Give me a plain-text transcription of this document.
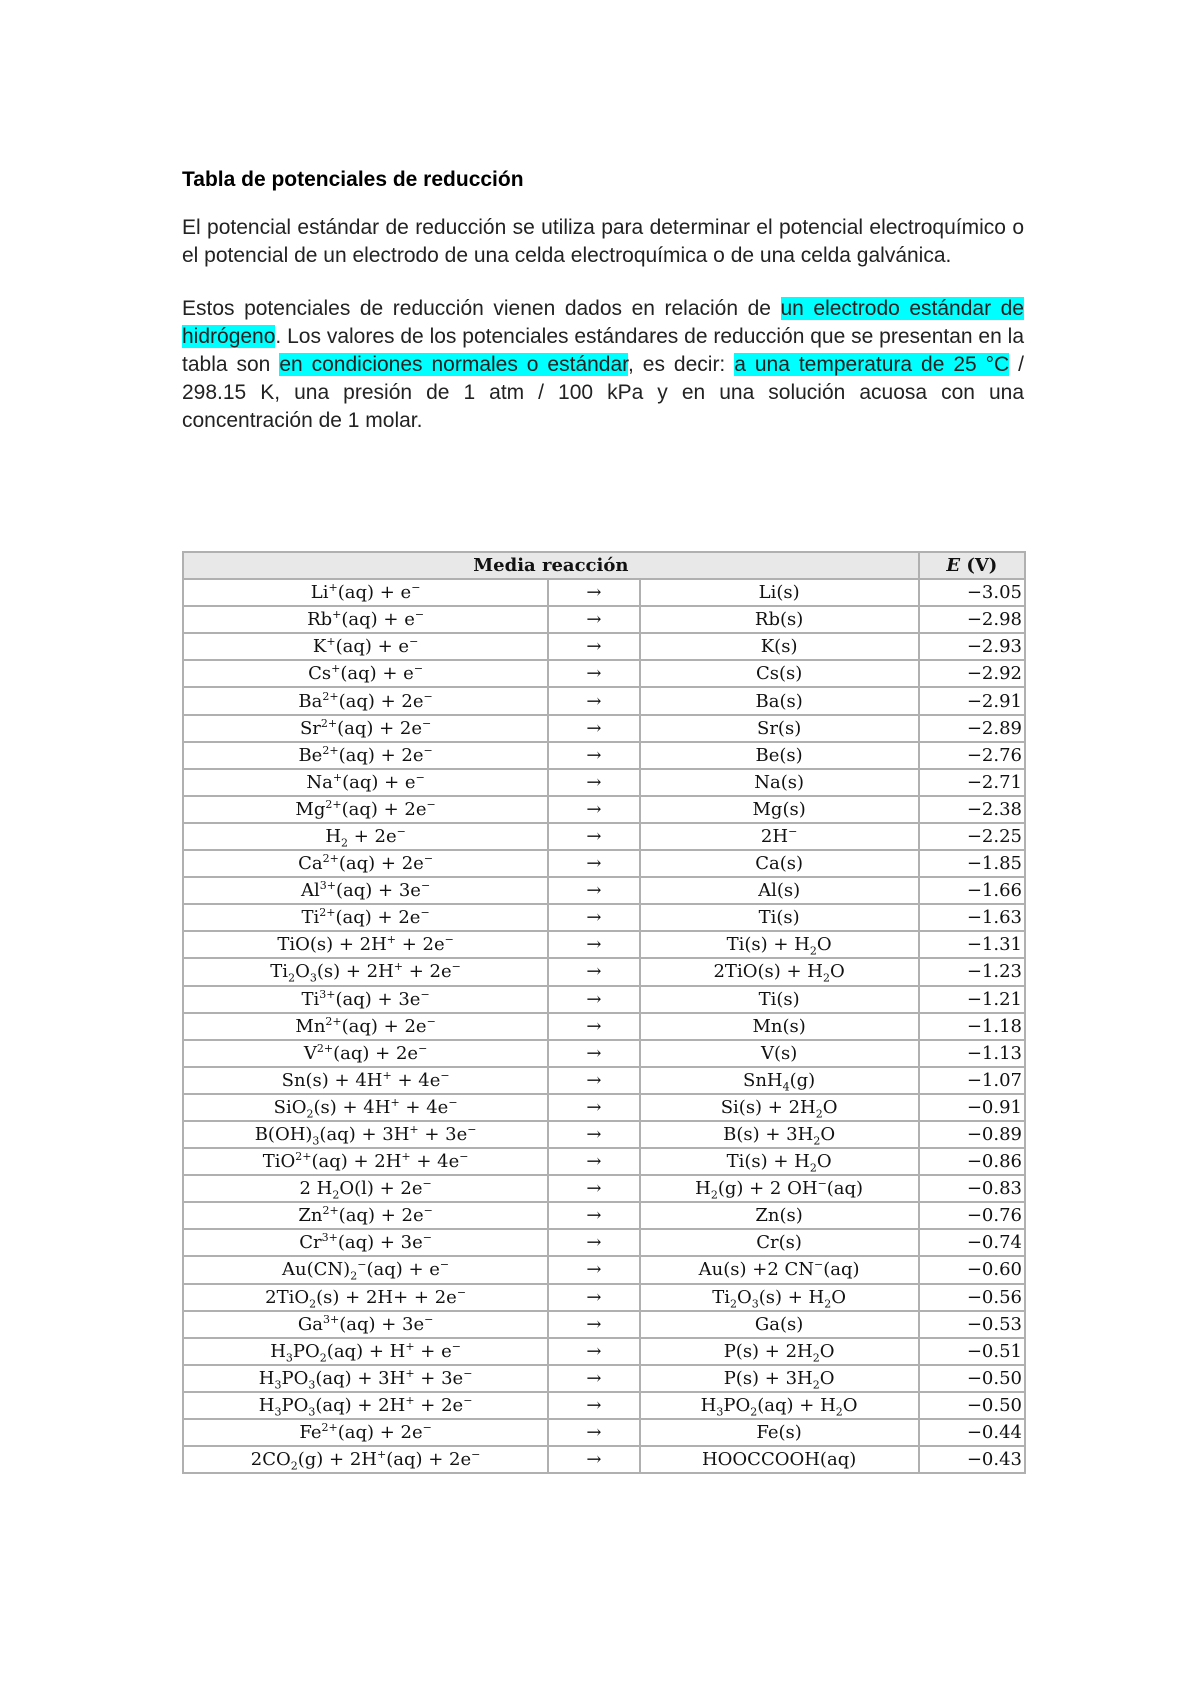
Tabla de potenciales de reducción

El potencial estándar de reducción se utiliza para determinar el potencial electroquímico o el potencial de un electrodo de una celda electroquímica o de una celda galvánica.

Estos potenciales de reducción vienen dados en relación de un electrodo estándar de hidrógeno. Los valores de los potenciales estándares de reducción que se presentan en la tabla son en condiciones normales o estándar, es decir: a una temperatura de 25 °C / 298.15 K, una presión de 1 atm / 100 kPa y en una solución acuosa con una concentración de 1 molar.

Media reacción			E (V)
Li+(aq) + e−	→	Li(s)	−3.05
Rb+(aq) + e−	→	Rb(s)	−2.98
K+(aq) + e−	→	K(s)	−2.93
Cs+(aq) + e−	→	Cs(s)	−2.92
$Ba^{2+}(aq) + 2e^-$	→	Ba(s)	−2.91
$Sr^{2+}(aq) + 2e^-$	→	Sr(s)	−2.89
$Be^{2+}(aq) + 2e^-$	→	Be(s)	−2.76
Na+(aq) + e−	→	Na(s)	−2.71
$Mg^{2+}(aq) + 2e^-$	→	Mg(s)	−2.38
$H_2 + 2e^-$	→	2H−	−2.25
$Ca^{2+}(aq) + 2e^-$	→	Ca(s)	−1.85
$Al^{3+}(aq) + 3e^-$	→	Al(s)	−1.66
$Ti^{2+}(aq) + 2e^-$	→	Ti(s)	−1.63
TiO(s) + 2H+ + 2e−	→	$Ti(s) + H_2O$	−1.31
$Ti_2O_3(s) + 2H^+ + 2e^-$	→	$2TiO(s) + H_2O$	−1.23
$Ti^{3+}(aq) + 3e^-$	→	Ti(s)	−1.21
$Mn^{2+}(aq) + 2e^-$	→	Mn(s)	−1.18
$V^{2+}(aq) + 2e^-$	→	V(s)	−1.13
Sn(s) + 4H+ + 4e−	→	SnH$_4$(g)	−1.07
SiO$_2$(s) + 4H+ + 4e−	→	$Si(s) + 2H_2O$	−0.91
$B(OH)_3(aq) + 3H^+ + 3e^-$	→	$B(s) + 3H_2O$	−0.89
TiO$^{2+}$(aq) + 2H+ + 4e−	→	$Ti(s) + H_2O$	−0.86
2 $H_2O(l) + 2e^-$	→	$H_2(g) + 2$ OH−(aq)	−0.83
$Zn^{2+}(aq) + 2e^-$	→	Zn(s)	−0.76
$Cr^{3+}(aq) + 3e^-$	→	Cr(s)	−0.74
$Au(CN)_2^-(aq) + e^-$	→	Au(s) +2 CN−(aq)	−0.60
2TiO$_2$(s) + 2H+ + 2e−	→	$Ti_2O_3(s) + H_2O$	−0.56
$Ga^{3+}(aq) + 3e^-$	→	Ga(s)	−0.53
$H_3PO_2(aq) + H^+ + e^-$	→	$P(s) + 2H_2O$	−0.51
$H_3PO_3(aq) + 3H^+ + 3e^-$	→	$P(s) + 3H_2O$	−0.50
$H_3PO_3(aq) + 2H^+ + 2e^-$	→	$H_3PO_2(aq) + H_2O$	−0.50
$Fe^{2+}(aq) + 2e^-$	→	Fe(s)	−0.44
$2CO_2(g) + 2H^+(aq) + 2e^-$	→	HOOCCOOH(aq)	−0.43
